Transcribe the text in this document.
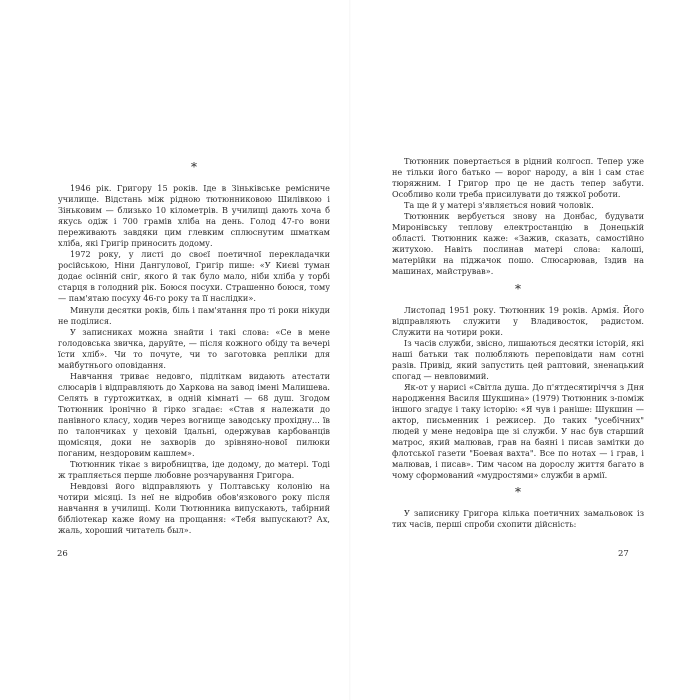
*

1946 рік. Григору 15 років. Іде в Зіньківське ремісниче училище. Відстань між рідною тютюнниковою Шилівкою і Зіньковим — близько 10 кілометрів. В училищі дають хоча б якусь одіж і 700 грамів хліба на день. Голод 47-го вони переживають завдяки цим глевким сплюснутим шматкам хліба, які Григір приносить додому.

1972 року, у листі до своєї поетичної перекладачки російською, Ніни Дангулової, Григір пише: «У Києві туман додає осінній сніг, якого й так було мало, ніби хліба у торбі старця в голодний рік. Боюся посухи. Страшенно боюся, тому — пам'ятаю посуху 46-го року та її наслідки».

Минули десятки років, біль і пам'ятання про ті роки нікуди не поділися.

У записниках можна знайти і такі слова: «Се в мене голодовська звичка, даруйте, — після кожного обіду та вечері їсти хліб». Чи то почуте, чи то заготовка репліки для майбутнього оповідання.

Навчання триває недовго, підліткам видають атестати слюсарів і відправляють до Харкова на завод імені Малишева. Селять в гуртожитках, в одній кімнаті — 68 душ. Згодом Тютюнник іронічно й гірко згадає: «Став я належати до панівного класу, ходив через вогнище заводську прохідну... їв по талончиках у цеховій їдальні, одержував карбованців щомісяця, доки не захворів до зрівняно-нової пилюки поганим, нездоровим кашлем».

Тютюнник тікає з виробництва, іде додому, до матері. Тоді ж трапляється перше любовне розчарування Григора.

Невдовзі його відправляють у Полтавську колонію на чотири місяці. Із неї не відробив обов'язкового року після навчання в училищі. Коли Тютюнника випускають, табірний бібліотекар каже йому на прощання: «Тебя выпускают? Ах, жаль, хороший читатель был».

26

Тютюнник повертається в рідний колгосп. Тепер уже не тільки його батько — ворог народу, а він і сам стає тюряжним. І Григор про це не дасть тепер забути. Особливо коли треба присилувати до тяжкої роботи.

Та ще й у матері з'являється новий чоловік.

Тютюнник вербується знову на Донбас, будувати Миронівську теплову електростанцію в Донецькій області. Тютюнник каже: «Зажив, сказать, самостійно житухою. Навіть послинав матері слова: калоші, матерійки на піджачок пошо. Слюсарював, їздив на машинах, майстрував».

*

Листопад 1951 року. Тютюнник 19 років. Армія. Його відправляють служити у Владивосток, радистом. Служити на чотири роки.

Із часів служби, звісно, лишаються десятки історій, які наші батьки так полюбляють переповідати нам сотні разів. Привід, який запустить цей раптовий, зненацький спогад — невловимий.

Як-от у нарисі «Світла душа. До п'ятдесятиріччя з Дня народження Василя Шукшина» (1979) Тютюнник з-поміж іншого згадує і таку історію: «Я чув і раніше: Шукшин — актор, письменник і режисер. До таких "усебічних" людей у мене недовіра ще зі служби. У нас був старший матрос, який малював, грав на баяні і писав замітки до флотської газети "Боевая вахта". Все по нотах — і грав, і малював, і писав». Тим часом на дорослу життя багато в чому сформований «мудростями» служби в армії.

*

У записнику Григора кілька поетичних замальовок із тих часів, перші спроби схопити дійсність:

27
